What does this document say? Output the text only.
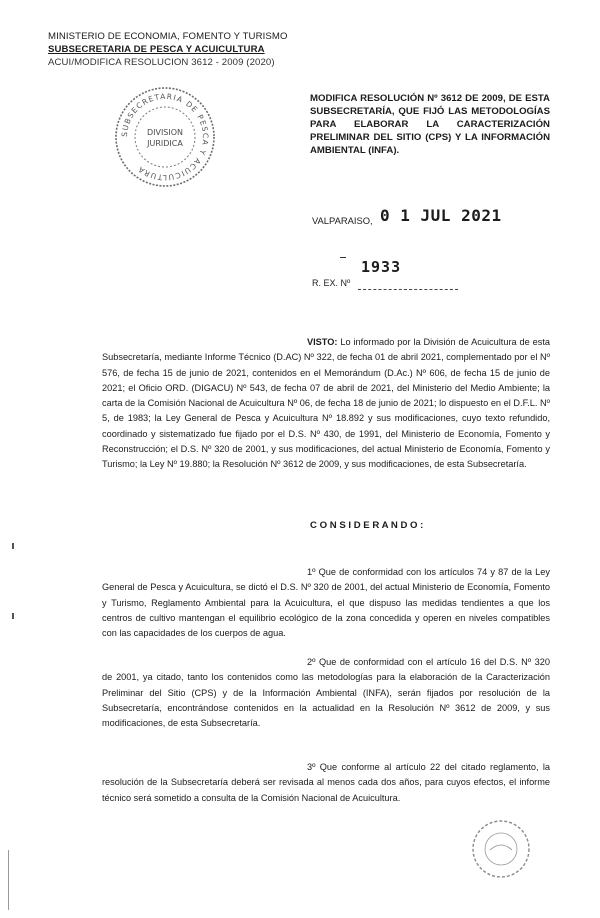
MINISTERIO DE ECONOMIA, FOMENTO Y TURISMO
SUBSECRETARIA DE PESCA Y ACUICULTURA
ACUI/MODIFICA RESOLUCION 3612 - 2009 (2020)
SUBSECRETARIA DE PESCA Y ACUICULTURA
DIVISION
JURIDICA
MODIFICA RESOLUCIÓN Nº 3612 DE 2009, DE ESTA SUBSECRETARÍA, QUE FIJÓ LAS METODOLOGÍAS PARA ELABORAR LA CARACTERIZACIÓN PRELIMINAR DEL SITIO (CPS) Y LA INFORMACIÓN AMBIENTAL (INFA).
VALPARAISO, 0 1 JUL 2021
1933
R. EX. Nº
VISTO: Lo informado por la División de Acuicultura de esta Subsecretaría, mediante Informe Técnico (D.AC) Nº 322, de fecha 01 de abril 2021, complementado por el Nº 576, de fecha 15 de junio de 2021, contenidos en el Memorándum (D.Ac.) Nº 606, de fecha 15 de junio de 2021; el Oficio ORD. (DIGACU) Nº 543, de fecha 07 de abril de 2021, del Ministerio del Medio Ambiente; la carta de la Comisión Nacional de Acuicultura Nº 06, de fecha 18 de junio de 2021; lo dispuesto en el D.F.L. Nº 5, de 1983; la Ley General de Pesca y Acuicultura Nº 18.892 y sus modificaciones, cuyo texto refundido, coordinado y sistematizado fue fijado por el D.S. Nº 430, de 1991, del Ministerio de Economía, Fomento y Reconstrucción; el D.S. Nº 320 de 2001, y sus modificaciones, del actual Ministerio de Economía, Fomento y Turismo; la Ley Nº 19.880; la Resolución Nº 3612 de 2009, y sus modificaciones, de esta Subsecretaría.
C O N S I D E R A N D O :
1º Que de conformidad con los artículos 74 y 87 de la Ley General de Pesca y Acuicultura, se dictó el D.S. Nº 320 de 2001, del actual Ministerio de Economía, Fomento y Turismo, Reglamento Ambiental para la Acuicultura, el que dispuso las medidas tendientes a que los centros de cultivo mantengan el equilibrio ecológico de la zona concedida y operen en niveles compatibles con las capacidades de los cuerpos de agua.
2º Que de conformidad con el artículo 16 del D.S. Nº 320 de 2001, ya citado, tanto los contenidos como las metodologías para la elaboración de la Caracterización Preliminar del Sitio (CPS) y de la Información Ambiental (INFA), serán fijados por resolución de la Subsecretaría, encontrándose contenidos en la actualidad en la Resolución Nº 3612 de 2009, y sus modificaciones, de esta Subsecretaría.
3º Que conforme al artículo 22 del citado reglamento, la resolución de la Subsecretaría deberá ser revisada al menos cada dos años, para cuyos efectos, el informe técnico será sometido a consulta de la Comisión Nacional de Acuicultura.
